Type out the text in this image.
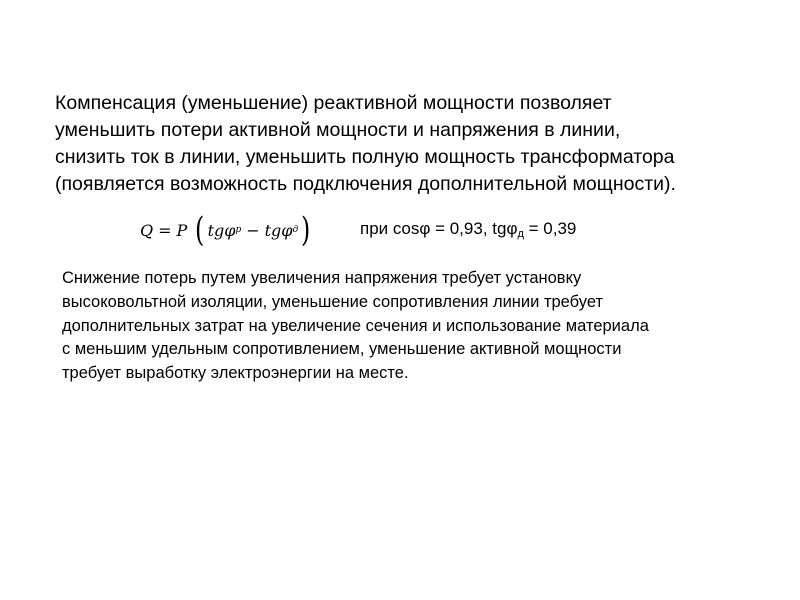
Компенсация (уменьшение) реактивной мощности позволяет
уменьшить потери активной мощности и напряжения в линии,
снизить ток в линии, уменьшить полную мощность трансформатора
(появляется возможность подключения дополнительной мощности).
Q = P ( tgφ р − tgφ д )	при cosφ = 0,93, tgφ$_д$ = 0,39
Снижение потерь путем увеличения напряжения требует установку
высоковольтной изоляции, уменьшение сопротивления линии требует
дополнительных затрат на увеличение сечения и использование материала
с меньшим удельным сопротивлением, уменьшение активной мощности
требует выработку электроэнергии на месте.
